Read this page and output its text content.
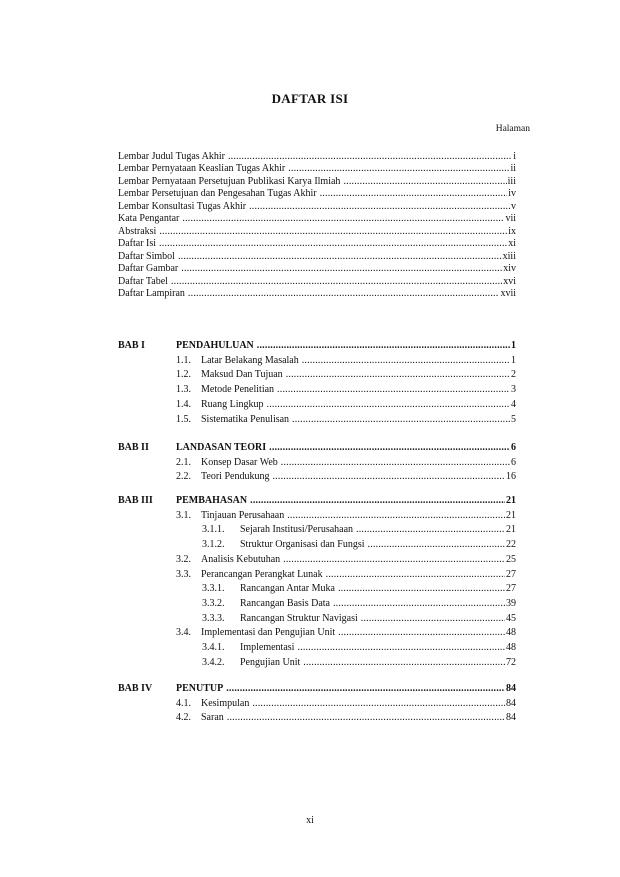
DAFTAR ISI
Halaman
Lembar Judul Tugas Akhir .....	i
Lembar Pernyataan Keaslian Tugas Akhir .....	ii
Lembar Pernyataan Persetujuan Publikasi Karya Ilmiah .....	iii
Lembar Persetujuan dan Pengesahan Tugas Akhir .....	iv
Lembar Konsultasi Tugas Akhir .....	v
Kata Pengantar .....	vii
Abstraksi .....	ix
Daftar Isi .....	xi
Daftar Simbol .....	xiii
Daftar Gambar .....	xiv
Daftar Tabel .....	xvi
Daftar Lampiran .....	xvii
BAB I	PENDAHULUAN .....	1
1.1. Latar Belakang Masalah .....	1
1.2. Maksud Dan Tujuan .....	2
1.3. Metode Penelitian .....	3
1.4. Ruang Lingkup .....	4
1.5. Sistematika Penulisan .....	5
BAB II	LANDASAN TEORI .....	6
2.1. Konsep Dasar Web .....	6
2.2. Teori Pendukung .....	16
BAB III PEMBAHASAN .....	21
3.1. Tinjauan Perusahaan .....	21
3.1.1. Sejarah Institusi/Perusahaan .....	21
3.1.2. Struktur Organisasi dan Fungsi .....	22
3.2. Analisis Kebutuhan .....	25
3.3. Perancangan Perangkat Lunak .....	27
3.3.1. Rancangan Antar Muka .....	27
3.3.2. Rancangan Basis Data .....	39
3.3.3. Rancangan Struktur Navigasi .....	45
3.4. Implementasi dan Pengujian Unit .....	48
3.4.1. Implementasi .....	48
3.4.2. Pengujian Unit .....	72
BAB IV PENUTUP .....	84
4.1. Kesimpulan .....	84
4.2. Saran .....	84
xi
